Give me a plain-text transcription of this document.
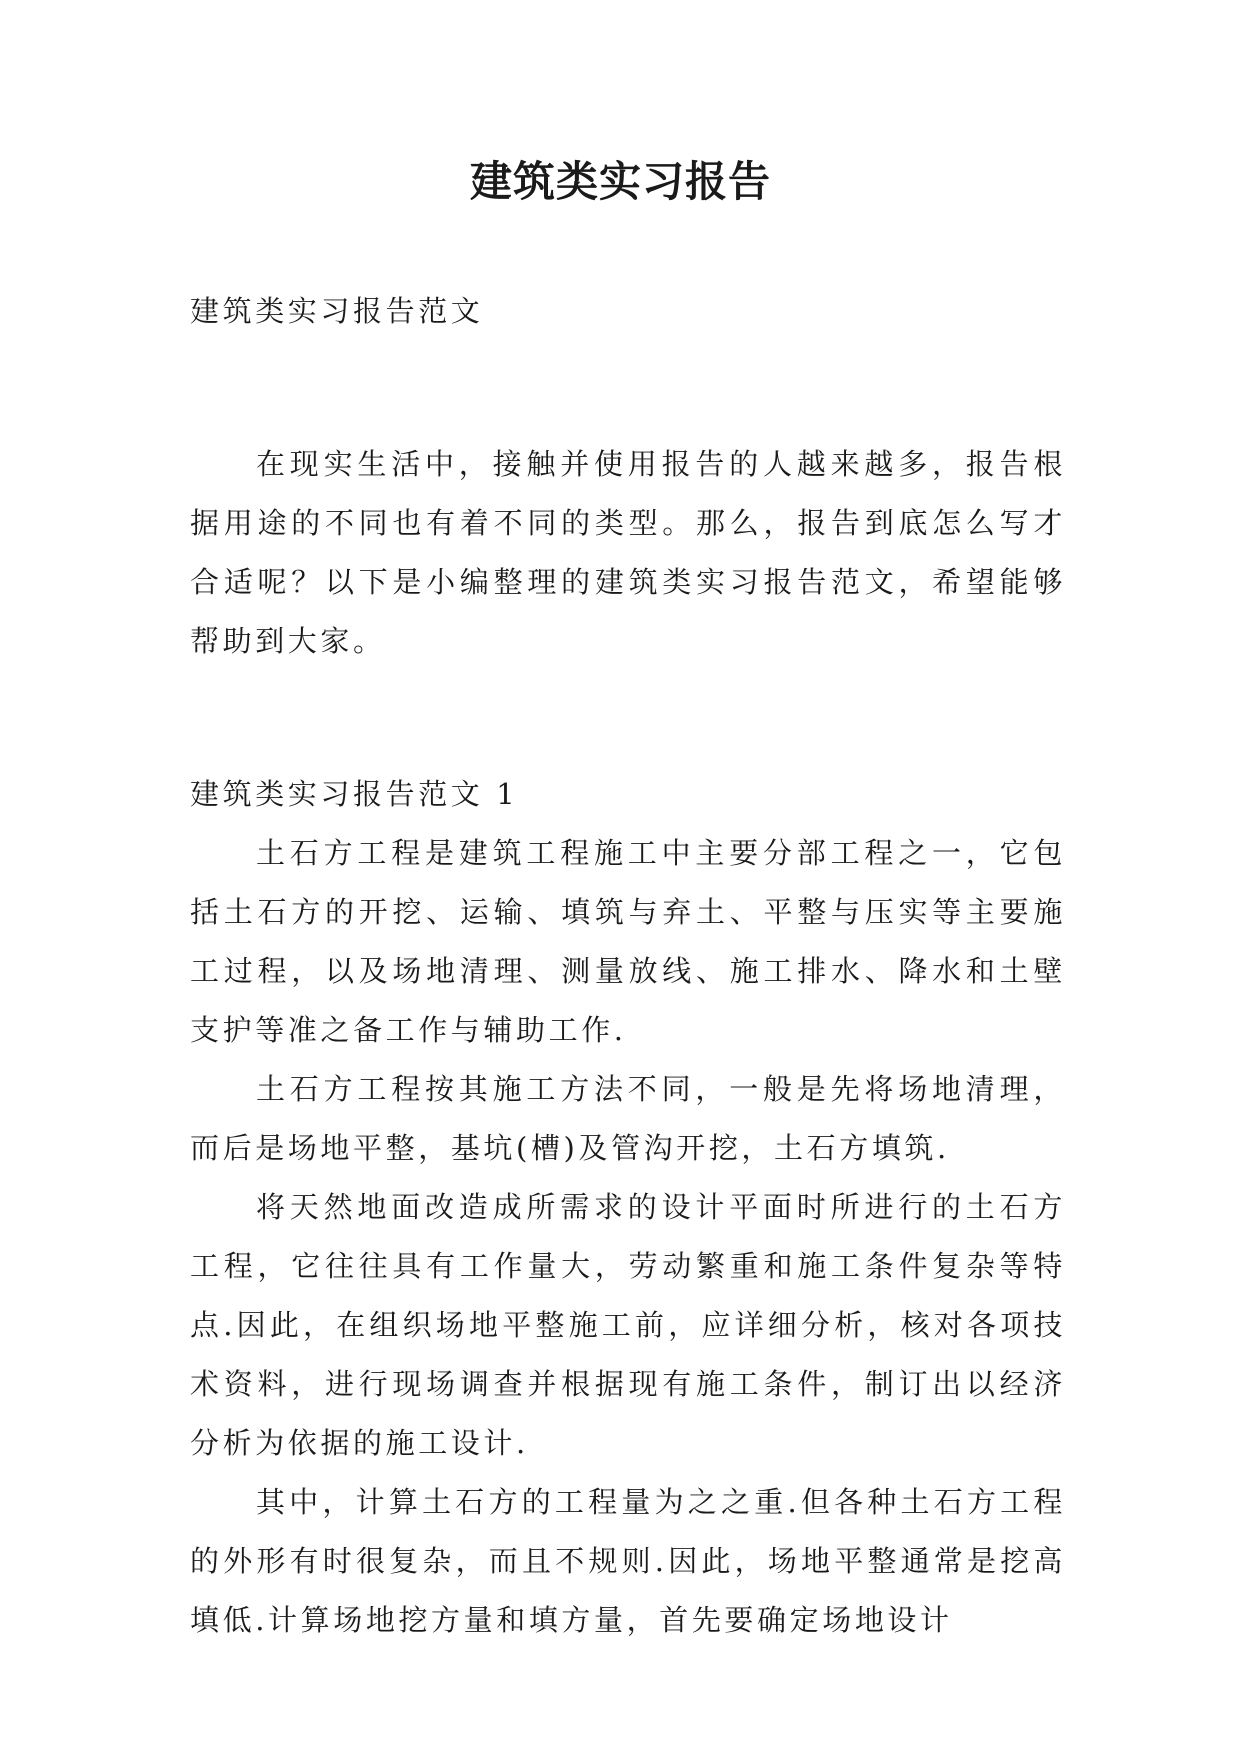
建筑类实习报告

建筑类实习报告范文

在现实生活中，接触并使用报告的人越来越多，报告根据用途的不同也有着不同的类型。那么，报告到底怎么写才合适呢？以下是小编整理的建筑类实习报告范文，希望能够帮助到大家。

建筑类实习报告范文 1

土石方工程是建筑工程施工中主要分部工程之一，它包括土石方的开挖、运输、填筑与弃土、平整与压实等主要施工过程，以及场地清理、测量放线、施工排水、降水和土壁支护等准之备工作与辅助工作.

土石方工程按其施工方法不同，一般是先将场地清理，而后是场地平整，基坑(槽)及管沟开挖，土石方填筑.

将天然地面改造成所需求的设计平面时所进行的土石方工程，它往往具有工作量大，劳动繁重和施工条件复杂等特点.因此，在组织场地平整施工前，应详细分析，核对各项技术资料，进行现场调查并根据现有施工条件，制订出以经济分析为依据的施工设计.

其中，计算土石方的工程量为之之重.但各种土石方工程的外形有时很复杂，而且不规则.因此，场地平整通常是挖高填低.计算场地挖方量和填方量，首先要确定场地设计
